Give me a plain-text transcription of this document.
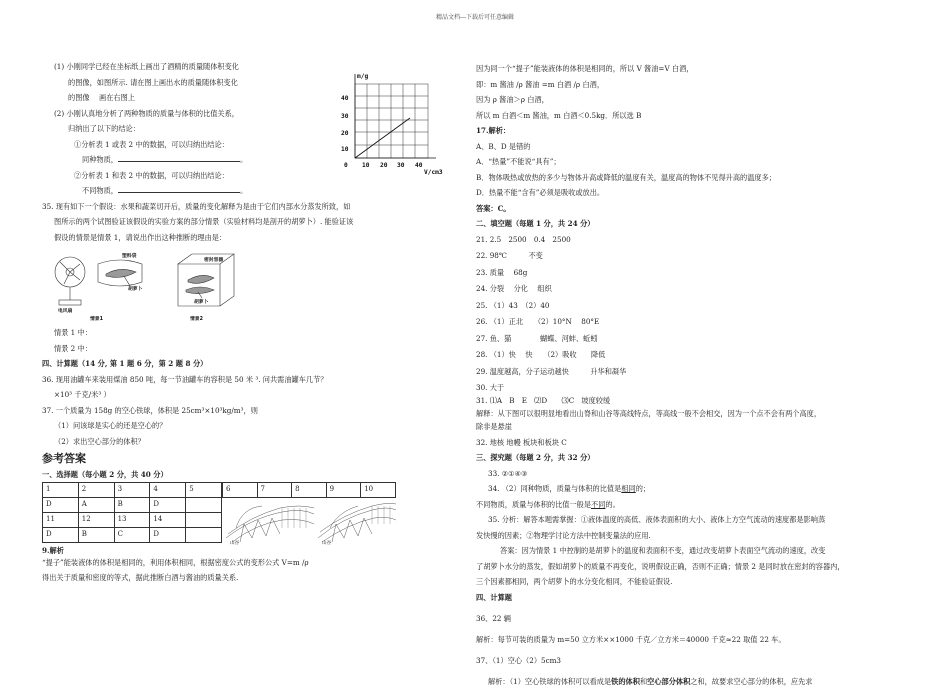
精品文档---下载后可任意编辑
(1) 小刚同学已经在坐标纸上画出了酒精的质量随体积变化
的图像，如图所示. 请在图上画出水的质量随体积变化
的图像　 画在右图上
(2) 小刚认真地分析了两种物质的质量与体积的比值关系，
归纳出了以下的结论：
①分析表 1 或表 2 中的数据，可以归纳出结论：
同种物质，	。
②分析表 1 和表 2 中的数据，可以归纳出结论：
不同物质，	。
m/g
40
30
20
10
0 10 20 30 40
V/cm3
35. 现有如下一个假设：水果和蔬菜切开后，质量的变化解释为是由于它们内部水分蒸发所致，如
图所示的两个试图验证该假设的实验方案的部分情景（实验材料均是剖开的胡萝卜）. 能验证该
假设的情景是情景 1，请说出作出这种推断的理由是：
塑料袋
胡萝卜
电风扇
密封容器
胡萝卜
情景1	情景2
情景 1 中：
情景 2 中：
四、计算题（14 分, 第 1 题 6 分，第 2 题 8 分）
36. 现用油罐车来装用煤油 850 吨，每一节油罐车的容积是 50 米 ³. 问共需油罐车几节？
×10³ 千克/米³ ）
37. 一个质量为 158g 的空心铁球，体积是 25cm³×10³kg/m³，则
（1）问该球是实心的还是空心的？
（2）求出空心部分的体积？
参考答案
一、选择题（每小题 2 分，共 40 分）
1	2	3	4	5
D	A	B	D	
11	12	13	14	
D	B	C	D	
6	7	8	9	10
山谷	山谷
9.解析
“提子”能装液体的体积是相同的，利用体积相同，根据密度公式的变形公式 V=m /ρ
得出关于质量和密度的等式，据此推断白酒与酱油的质量关系.
因为同一个“提子”能装液体的体积是相同的，所以 V 酱油=V 白酒，
即：m 酱油 /ρ 酱油 =m 白酒 /ρ 白酒，
因为 ρ 酱油＞ρ 白酒，
所以 m 白酒＜m 酱油，m 白酒＜0.5kg．所以选 B
17.解析：
A、B、D 是错的
A．“热量”不能说“具有”；
B．物体吸热或放热的多少与物体升高或降低的温度有关，温度高的物体不见得升高的温度多；
D．热量不能“含有”必须是吸收或放出。
答案：C。
二、填空题（每题 1 分，共 24 分）
21. 2.5　2500　0.4　2500
22. 98℃　　　不变
23. 质量　 68g
24. 分裂　 分化　 组织
25. （1）43　（2）40
26. （1）正北　　（2）10°N　 80°E
27. 鱼、猫　　　　蝴蝶、河蚌、蚯蚓
28. （1）快　 快　　（2）吸收　　降低
29. 温度越高，分子运动越快　　　升华和凝华
30. 大于
31. ⑴A　B　E　⑵D　　⑶C　坡度较缓
解释：从下图可以很明显地看出山脊和山谷等高线特点，等高线一般不会相交，因为一个点不会有两个高度，
除非是悬崖
32. 地核 地幔 板块和板块 C
三、探究题（每题 2 分，共 32 分）
33. ②①④③
34. （2）同种物质，质量与体积的比值是相同的；
不同物质，质量与体积的比值一般是不同的。
35. 分析：解答本题需掌握：①液体温度的高低、液体表面积的大小、液体上方空气流动的速度都是影响蒸
发快慢的因素；②物理学讨论方法中控制变量法的应用.
答案：因为情景 1 中控制的是胡萝卜的温度和表面积不变，通过改变胡萝卜表面空气流动的速度，改变
了胡萝卜水分的蒸发，假如胡萝卜的质量不再变化，说明假设正确，否则不正确；情景 2 是同时放在密封的容器内，
三个因素都相同，两个胡萝卜的水分变化相同，不能验证假设.
四、计算题
36、22 辆
解析：每节可装的质量为 m=50 立方米××1000 千克／立方米＝40000 千克≈22 取值 22 车。
37、（1）空心（2）5cm3
解析：（1）空心铁球的体积可以看成是铁的体积和空心部分体积之和，故要求空心部分的体积，应先求
